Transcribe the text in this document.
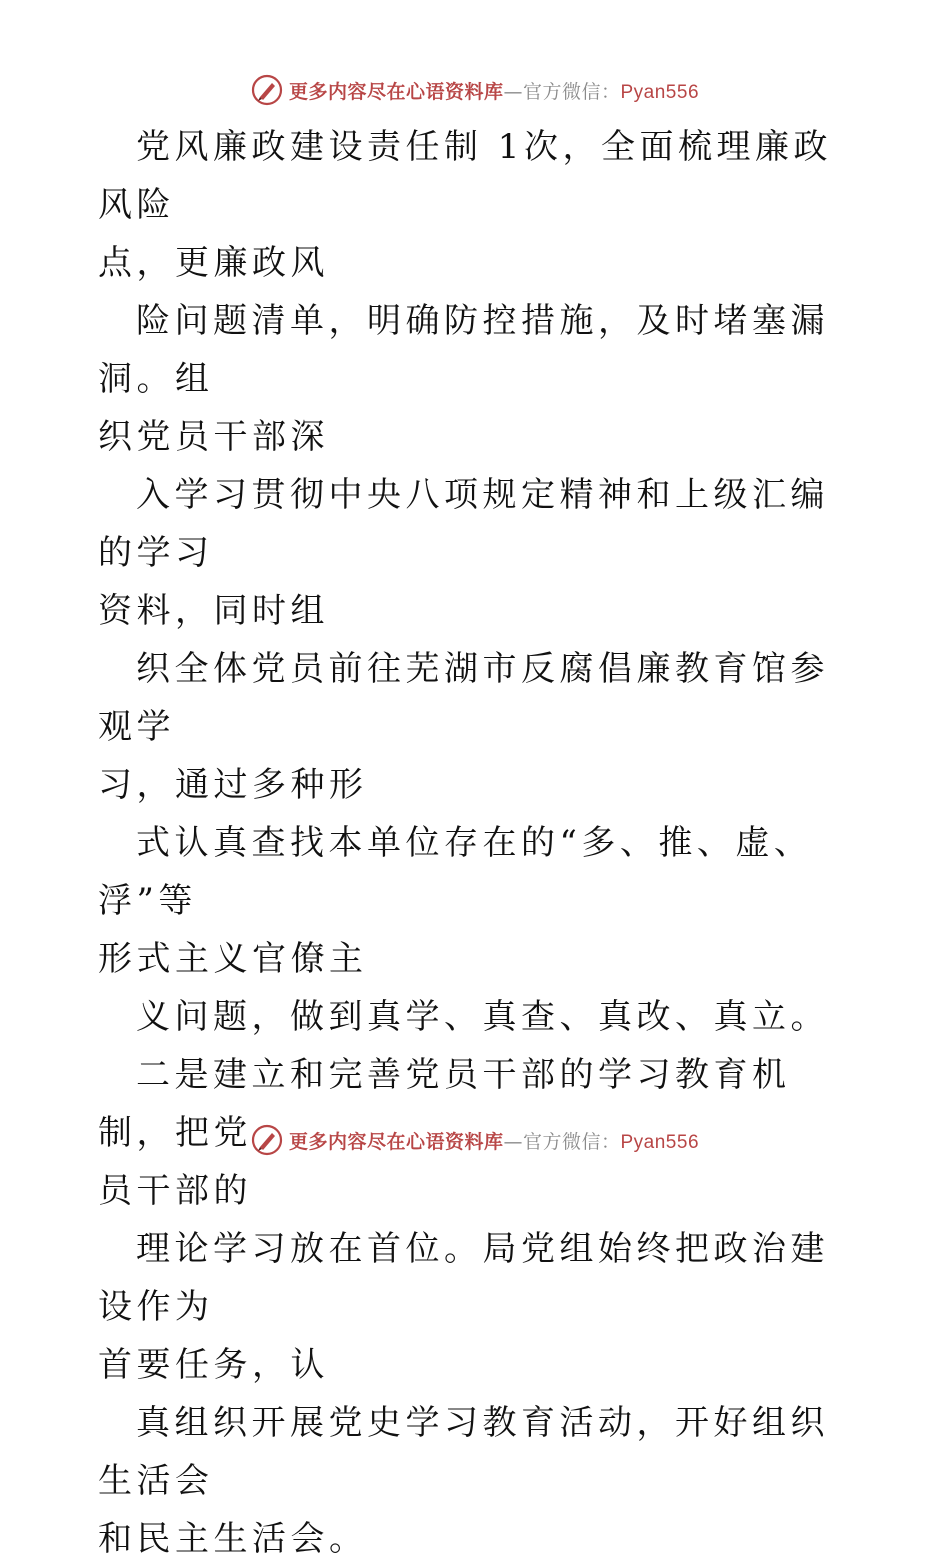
更多内容尽在心语资料库—官方微信：Pyan556

党风廉政建设责任制 1次，全面梳理廉政风险
点，更廉政风

险问题清单，明确防控措施，及时堵塞漏洞。组
织党员干部深

入学习贯彻中央八项规定精神和上级汇编的学习
资料，同时组

织全体党员前往芜湖市反腐倡廉教育馆参观学
习，通过多种形

式认真查找本单位存在的“多、推、虚、浮”等
形式主义官僚主

义问题，做到真学、真查、真改、真立。

二是建立和完善党员干部的学习教育机制，把党
员干部的

理论学习放在首位。局党组始终把政治建设作为
首要任务，认

真组织开展党史学习教育活动，开好组织生活会
和民主生活会。

更多内容尽在心语资料库—官方微信：Pyan556
